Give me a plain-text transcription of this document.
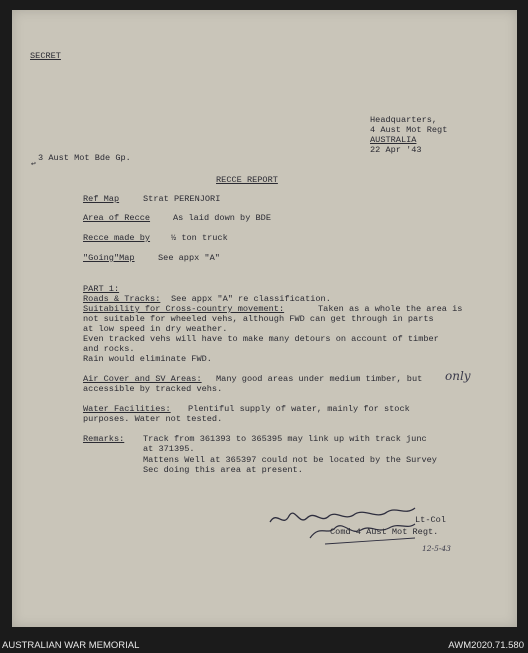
SECRET
Headquarters,
4 Aust Mot Regt
AUSTRALIA
22 Apr '43
3 Aust Mot Bde Gp.
RECCE REPORT
Ref Map	Strat PERENJORI
Area of Recce	As laid down by BDE
Recce made by ½ ton truck
"Going"Map	See appx "A"
PART 1:
Roads & Tracks: See appx "A" re classification.
Suitability for Cross-country movement:	Taken as a whole the area is
not suitable for wheeled vehs, although FWD can get through in parts
at low speed in dry weather.
Even tracked vehs will have to make many detours on account of timber
and rocks.
Rain would eliminate FWD.
Air Cover and SV Areas: Many good areas under medium timber, but only
accessible by tracked vehs.
Water Facilities: Plentiful supply of water, mainly for stock
purposes. Water not tested.
Remarks: Track from 361393 to 365395 may link up with track junc
at 371395.
Mattens Well at 365397 could not be located by the Survey
Sec doing this area at present.
Lt-Col
Comd 4 Aust Mot Regt.
12-5-43
↩
AUSTRALIAN WAR MEMORIAL	AWM2020.71.580
